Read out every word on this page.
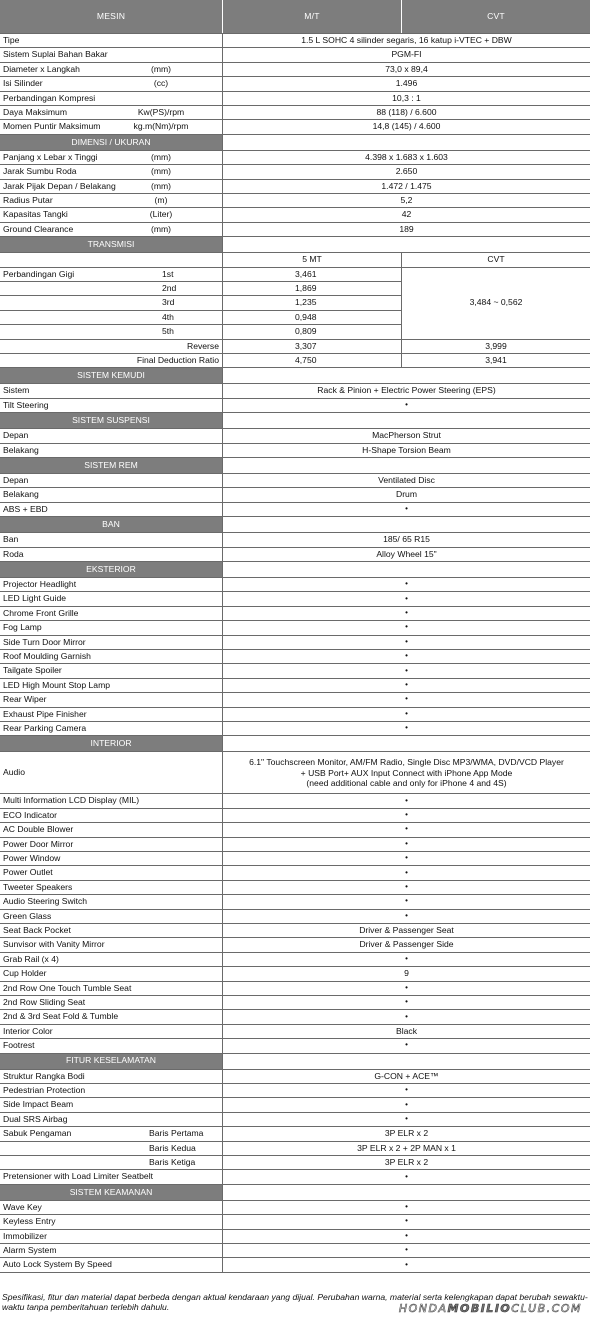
MESIN	M/T	CVT
Tipe	1.5 L SOHC 4 silinder segaris, 16 katup i-VTEC + DBW
Sistem Suplai Bahan Bakar	PGM-FI
Diameter x Langkah	(mm)	73,0 x 89,4
Isi Silinder	(cc)	1.496
Perbandingan Kompresi	10,3 : 1
Daya Maksimum	Kw(PS)/rpm	88 (118) / 6.600
Momen Puntir Maksimum	kg.m(Nm)/rpm	14,8 (145) / 4.600
DIMENSI / UKURAN
Panjang x Lebar x Tinggi	(mm)	4.398 x 1.683 x 1.603
Jarak Sumbu Roda	(mm)	2.650
Jarak Pijak Depan / Belakang	(mm)	1.472 / 1.475
Radius Putar	(m)	5,2
Kapasitas Tangki	(Liter)	42
Ground Clearance	(mm)	189
TRANSMISI
5 MT	CVT
Perbandingan Gigi	1st	3,461
2nd	1,869
3rd	1,235
4th	0,948
5th	0,809
3,484 ~ 0,562
Reverse	3,307	3,999
Final Deduction Ratio	4,750	3,941
SISTEM KEMUDI
Sistem	Rack & Pinion + Electric Power Steering (EPS)
Tilt Steering	•
SISTEM SUSPENSI
Depan	MacPherson Strut
Belakang	H-Shape Torsion Beam
SISTEM REM
Depan	Ventilated Disc
Belakang	Drum
ABS + EBD	•
BAN
Ban	185/ 65 R15
Roda	Alloy Wheel 15"
EKSTERIOR
Projector Headlight	•
LED Light Guide	•
Chrome Front Grille	•
Fog Lamp	•
Side Turn Door Mirror	•
Roof Moulding Garnish	•
Tailgate Spoiler	•
LED High Mount Stop Lamp	•
Rear Wiper	•
Exhaust Pipe Finisher	•
Rear Parking Camera	•
INTERIOR
Audio
6.1" Touchscreen Monitor, AM/FM Radio, Single Disc MP3/WMA, DVD/VCD Player
+ USB Port+ AUX Input Connect with iPhone App Mode
(need additional cable and only for iPhone 4 and 4S)
Multi Information LCD Display (MIL)	•
ECO Indicator	•
AC Double Blower	•
Power Door Mirror	•
Power Window	•
Power Outlet	•
Tweeter Speakers	•
Audio Steering Switch	•
Green Glass	•
Seat Back Pocket	Driver & Passenger Seat
Sunvisor with Vanity Mirror	Driver & Passenger Side
Grab Rail (x 4)	•
Cup Holder	9
2nd Row One Touch Tumble Seat	•
2nd Row Sliding Seat	•
2nd & 3rd Seat Fold & Tumble	•
Interior Color	Black
Footrest	•
FITUR KESELAMATAN
Struktur Rangka Bodi	G-CON + ACE™
Pedestrian Protection	•
Side Impact Beam	•
Dual SRS Airbag	•
Sabuk Pengaman	Baris Pertama	3P ELR x 2
Baris Kedua	3P ELR x 2 + 2P MAN x 1
Baris Ketiga	3P ELR x 2
Pretensioner with Load Limiter Seatbelt	•
SISTEM KEAMANAN
Wave Key	•
Keyless Entry	•
Immobilizer	•
Alarm System	•
Auto Lock System By Speed	•
Spesifikasi, fitur dan material dapat berbeda dengan aktual kendaraan yang dijual. Perubahan warna, material serta kelengkapan dapat berubah sewaktu-waktu tanpa pemberitahuan terlebih dahulu.	HONDAMOBILIOCLUB.COM
